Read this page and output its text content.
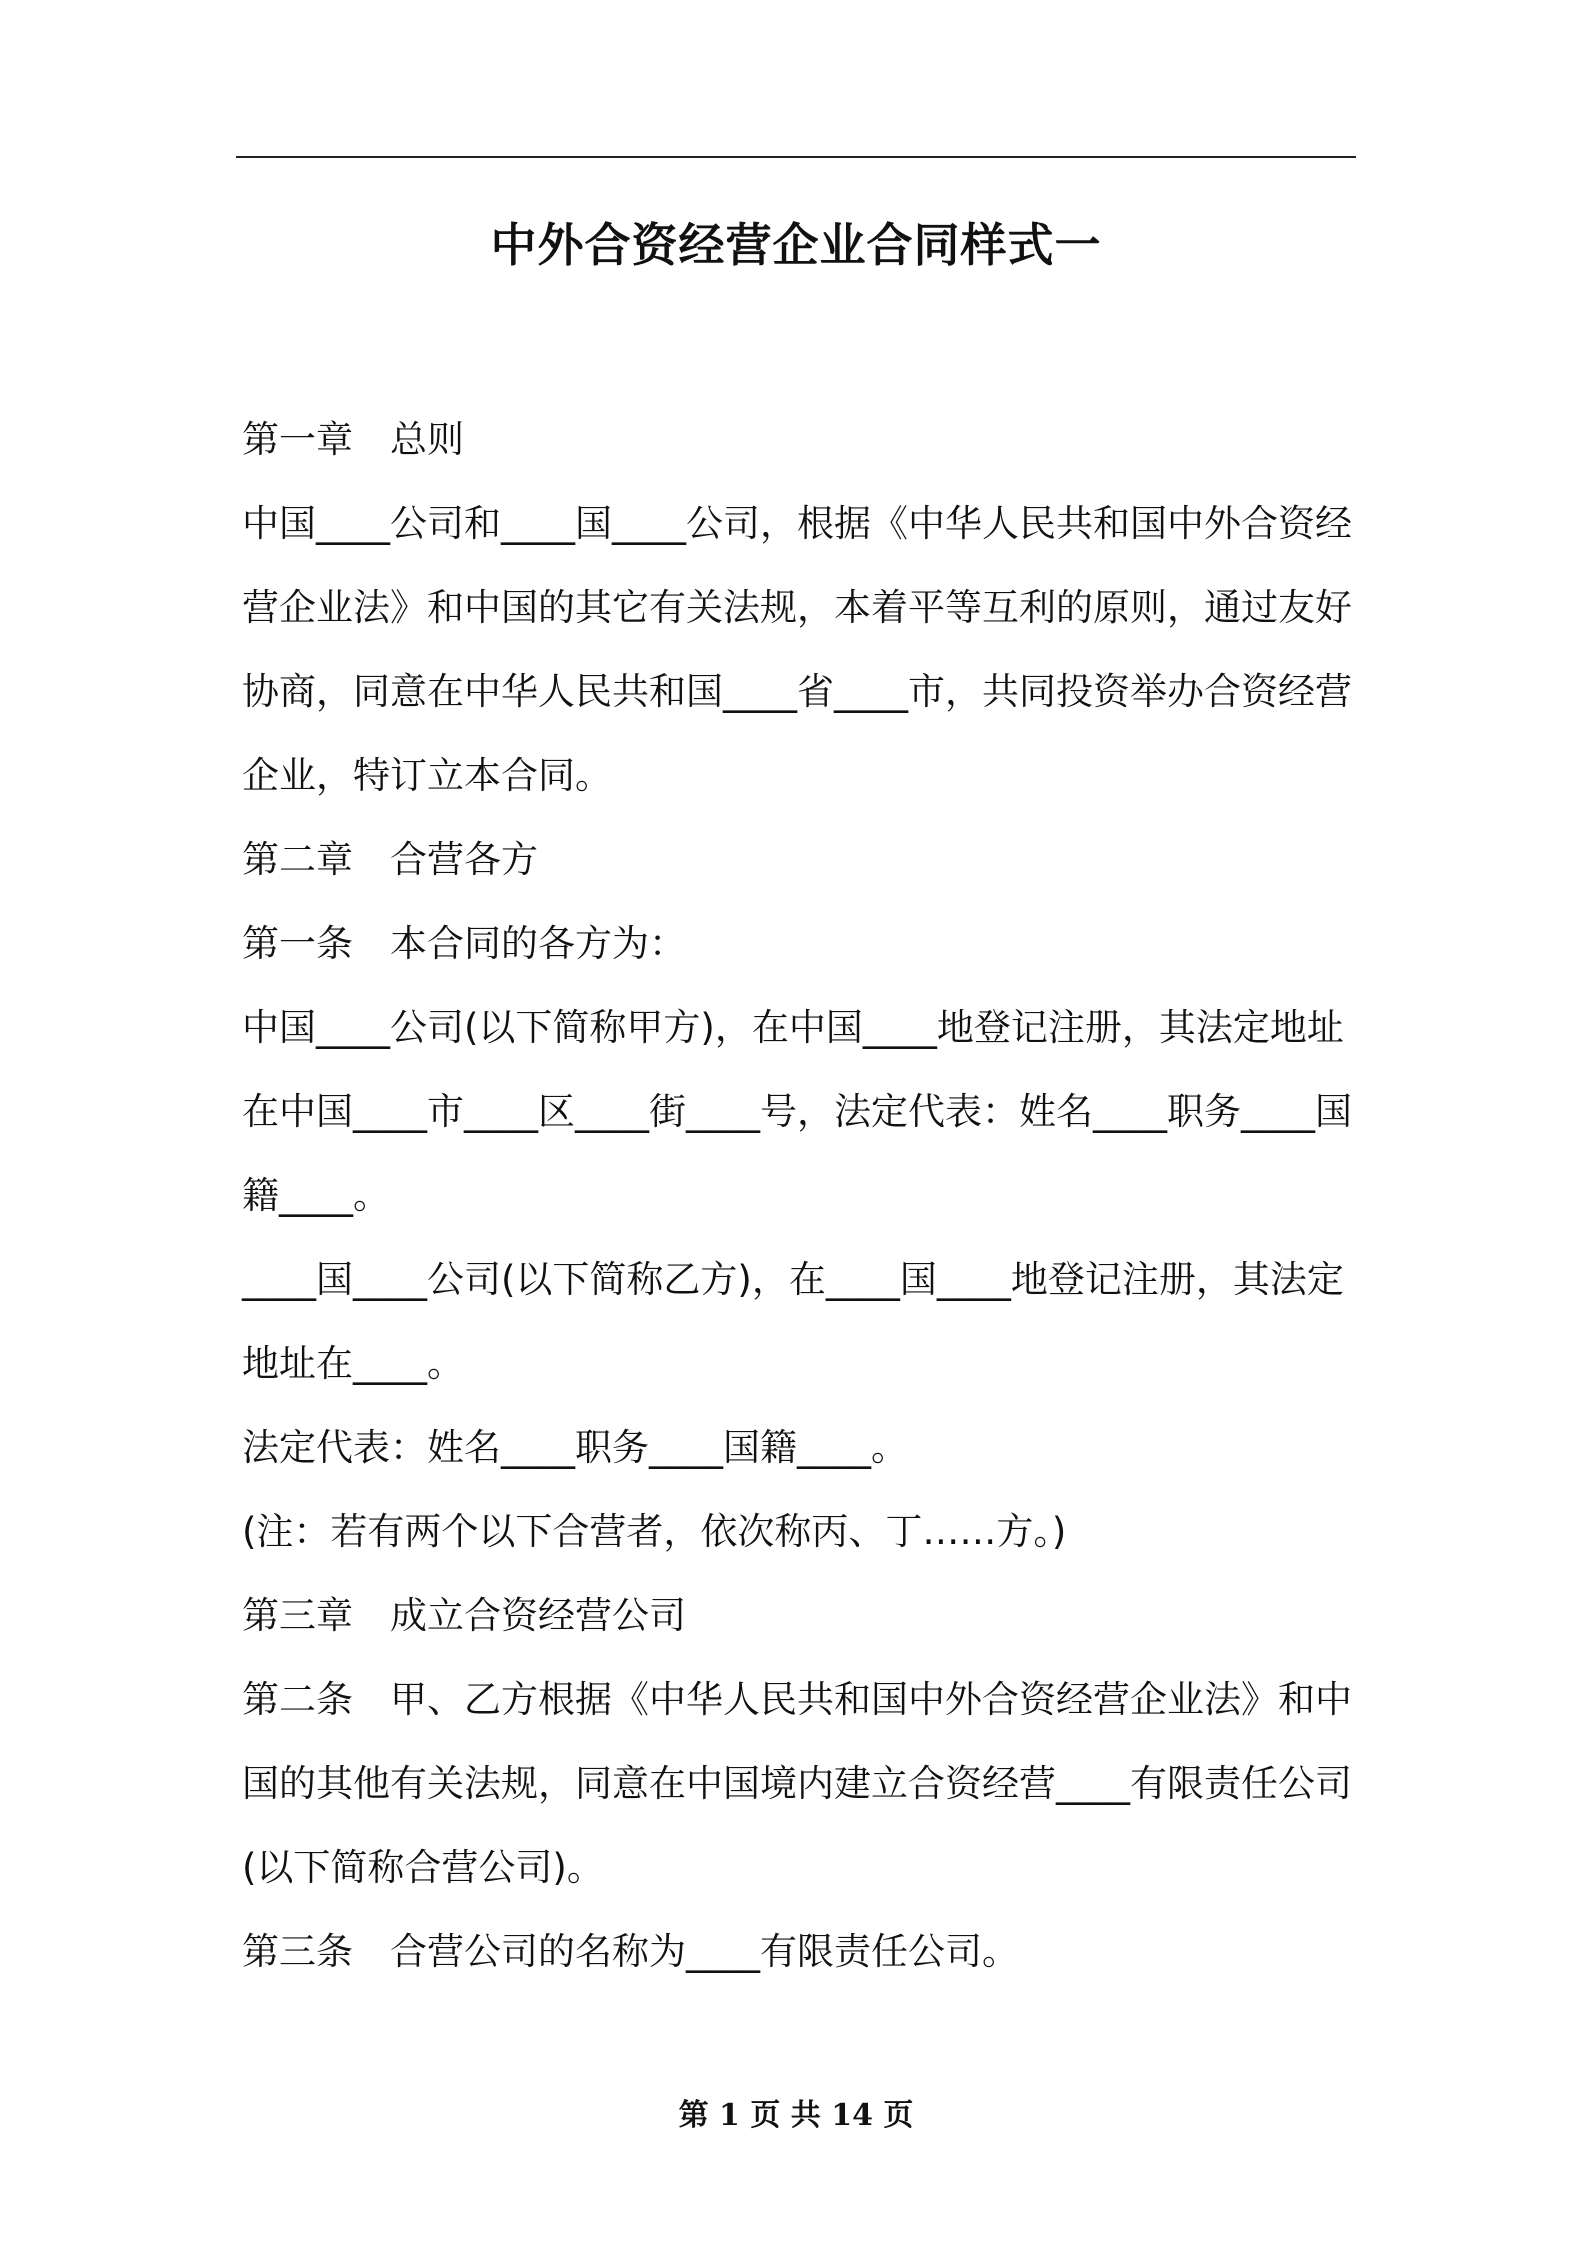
中外合资经营企业合同样式一

第一章　总则

中国____公司和____国____公司，根据《中华人民共和国中外合资经营企业法》和中国的其它有关法规，本着平等互利的原则，通过友好协商，同意在中华人民共和国____省____市，共同投资举办合资经营企业，特订立本合同。

第二章　合营各方

第一条　本合同的各方为：

中国____公司(以下简称甲方)，在中国____地登记注册，其法定地址在中国____市____区____街____号，法定代表：姓名____职务____国籍____。

____国____公司(以下简称乙方)，在____国____地登记注册，其法定地址在____。

法定代表：姓名____职务____国籍____。

(注：若有两个以下合营者，依次称丙、丁……方。)

第三章　成立合资经营公司

第二条　甲、乙方根据《中华人民共和国中外合资经营企业法》和中国的其他有关法规，同意在中国境内建立合资经营____有限责任公司(以下简称合营公司)。

第三条　合营公司的名称为____有限责任公司。

第 1 页 共 14 页
